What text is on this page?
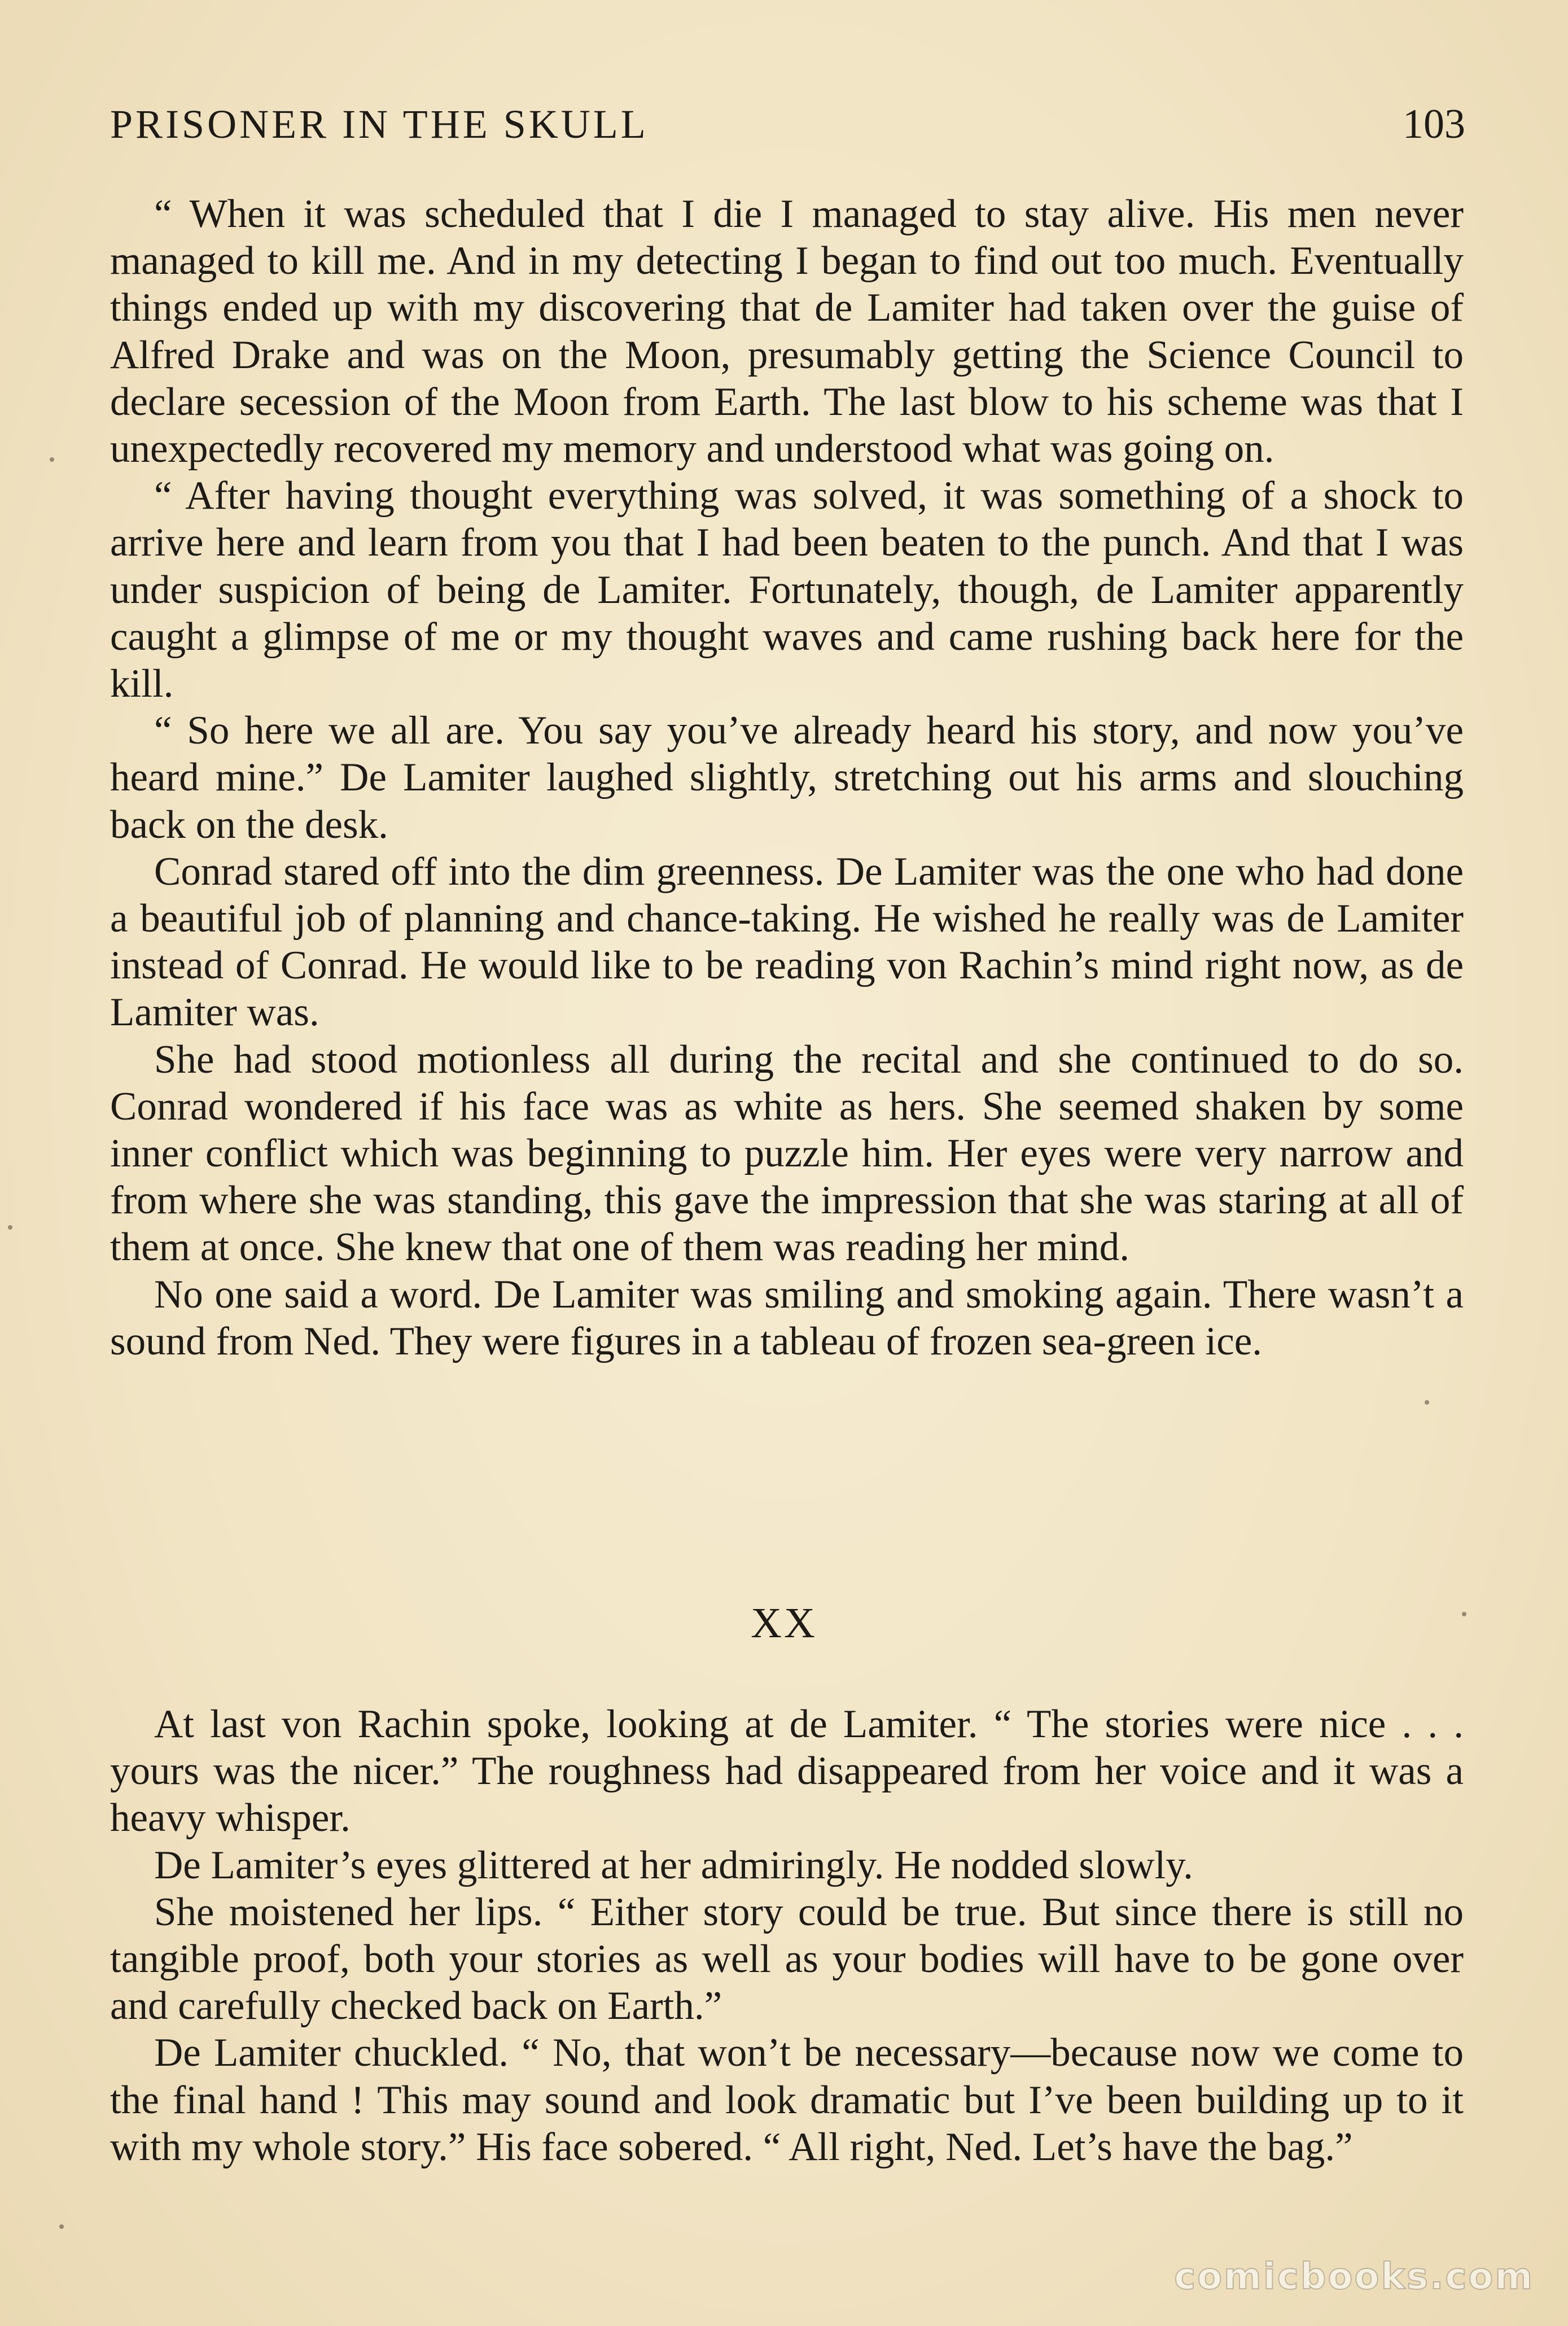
PRISONER IN THE SKULL	103

“ When it was scheduled that I die I managed to stay alive. His men never managed to kill me. And in my detecting I began to find out too much. Eventually things ended up with my discovering that de Lamiter had taken over the guise of Alfred Drake and was on the Moon, presumably getting the Science Council to declare secession of the Moon from Earth. The last blow to his scheme was that I unexpectedly recovered my memory and understood what was going on.

“ After having thought everything was solved, it was something of a shock to arrive here and learn from you that I had been beaten to the punch. And that I was under suspicion of being de Lamiter. Fortunately, though, de Lamiter apparently caught a glimpse of me or my thought waves and came rushing back here for the kill.

“ So here we all are. You say you’ve already heard his story, and now you’ve heard mine.” De Lamiter laughed slightly, stretching out his arms and slouching back on the desk.

Conrad stared off into the dim greenness. De Lamiter was the one who had done a beautiful job of planning and chance-taking. He wished he really was de Lamiter instead of Conrad. He would like to be reading von Rachin’s mind right now, as de Lamiter was.

She had stood motionless all during the recital and she continued to do so. Conrad wondered if his face was as white as hers. She seemed shaken by some inner conflict which was beginning to puzzle him. Her eyes were very narrow and from where she was standing, this gave the impression that she was staring at all of them at once. She knew that one of them was reading her mind.

No one said a word. De Lamiter was smiling and smoking again. There wasn’t a sound from Ned. They were figures in a tableau of frozen sea-green ice.

XX

At last von Rachin spoke, looking at de Lamiter. “ The stories were nice . . . yours was the nicer.” The roughness had disappeared from her voice and it was a heavy whisper.

De Lamiter’s eyes glittered at her admiringly. He nodded slowly.

She moistened her lips. “ Either story could be true. But since there is still no tangible proof, both your stories as well as your bodies will have to be gone over and carefully checked back on Earth.”

De Lamiter chuckled. “ No, that won’t be necessary—because now we come to the final hand ! This may sound and look dramatic but I’ve been building up to it with my whole story.” His face sobered. “ All right, Ned. Let’s have the bag.”

comicbooks.com
